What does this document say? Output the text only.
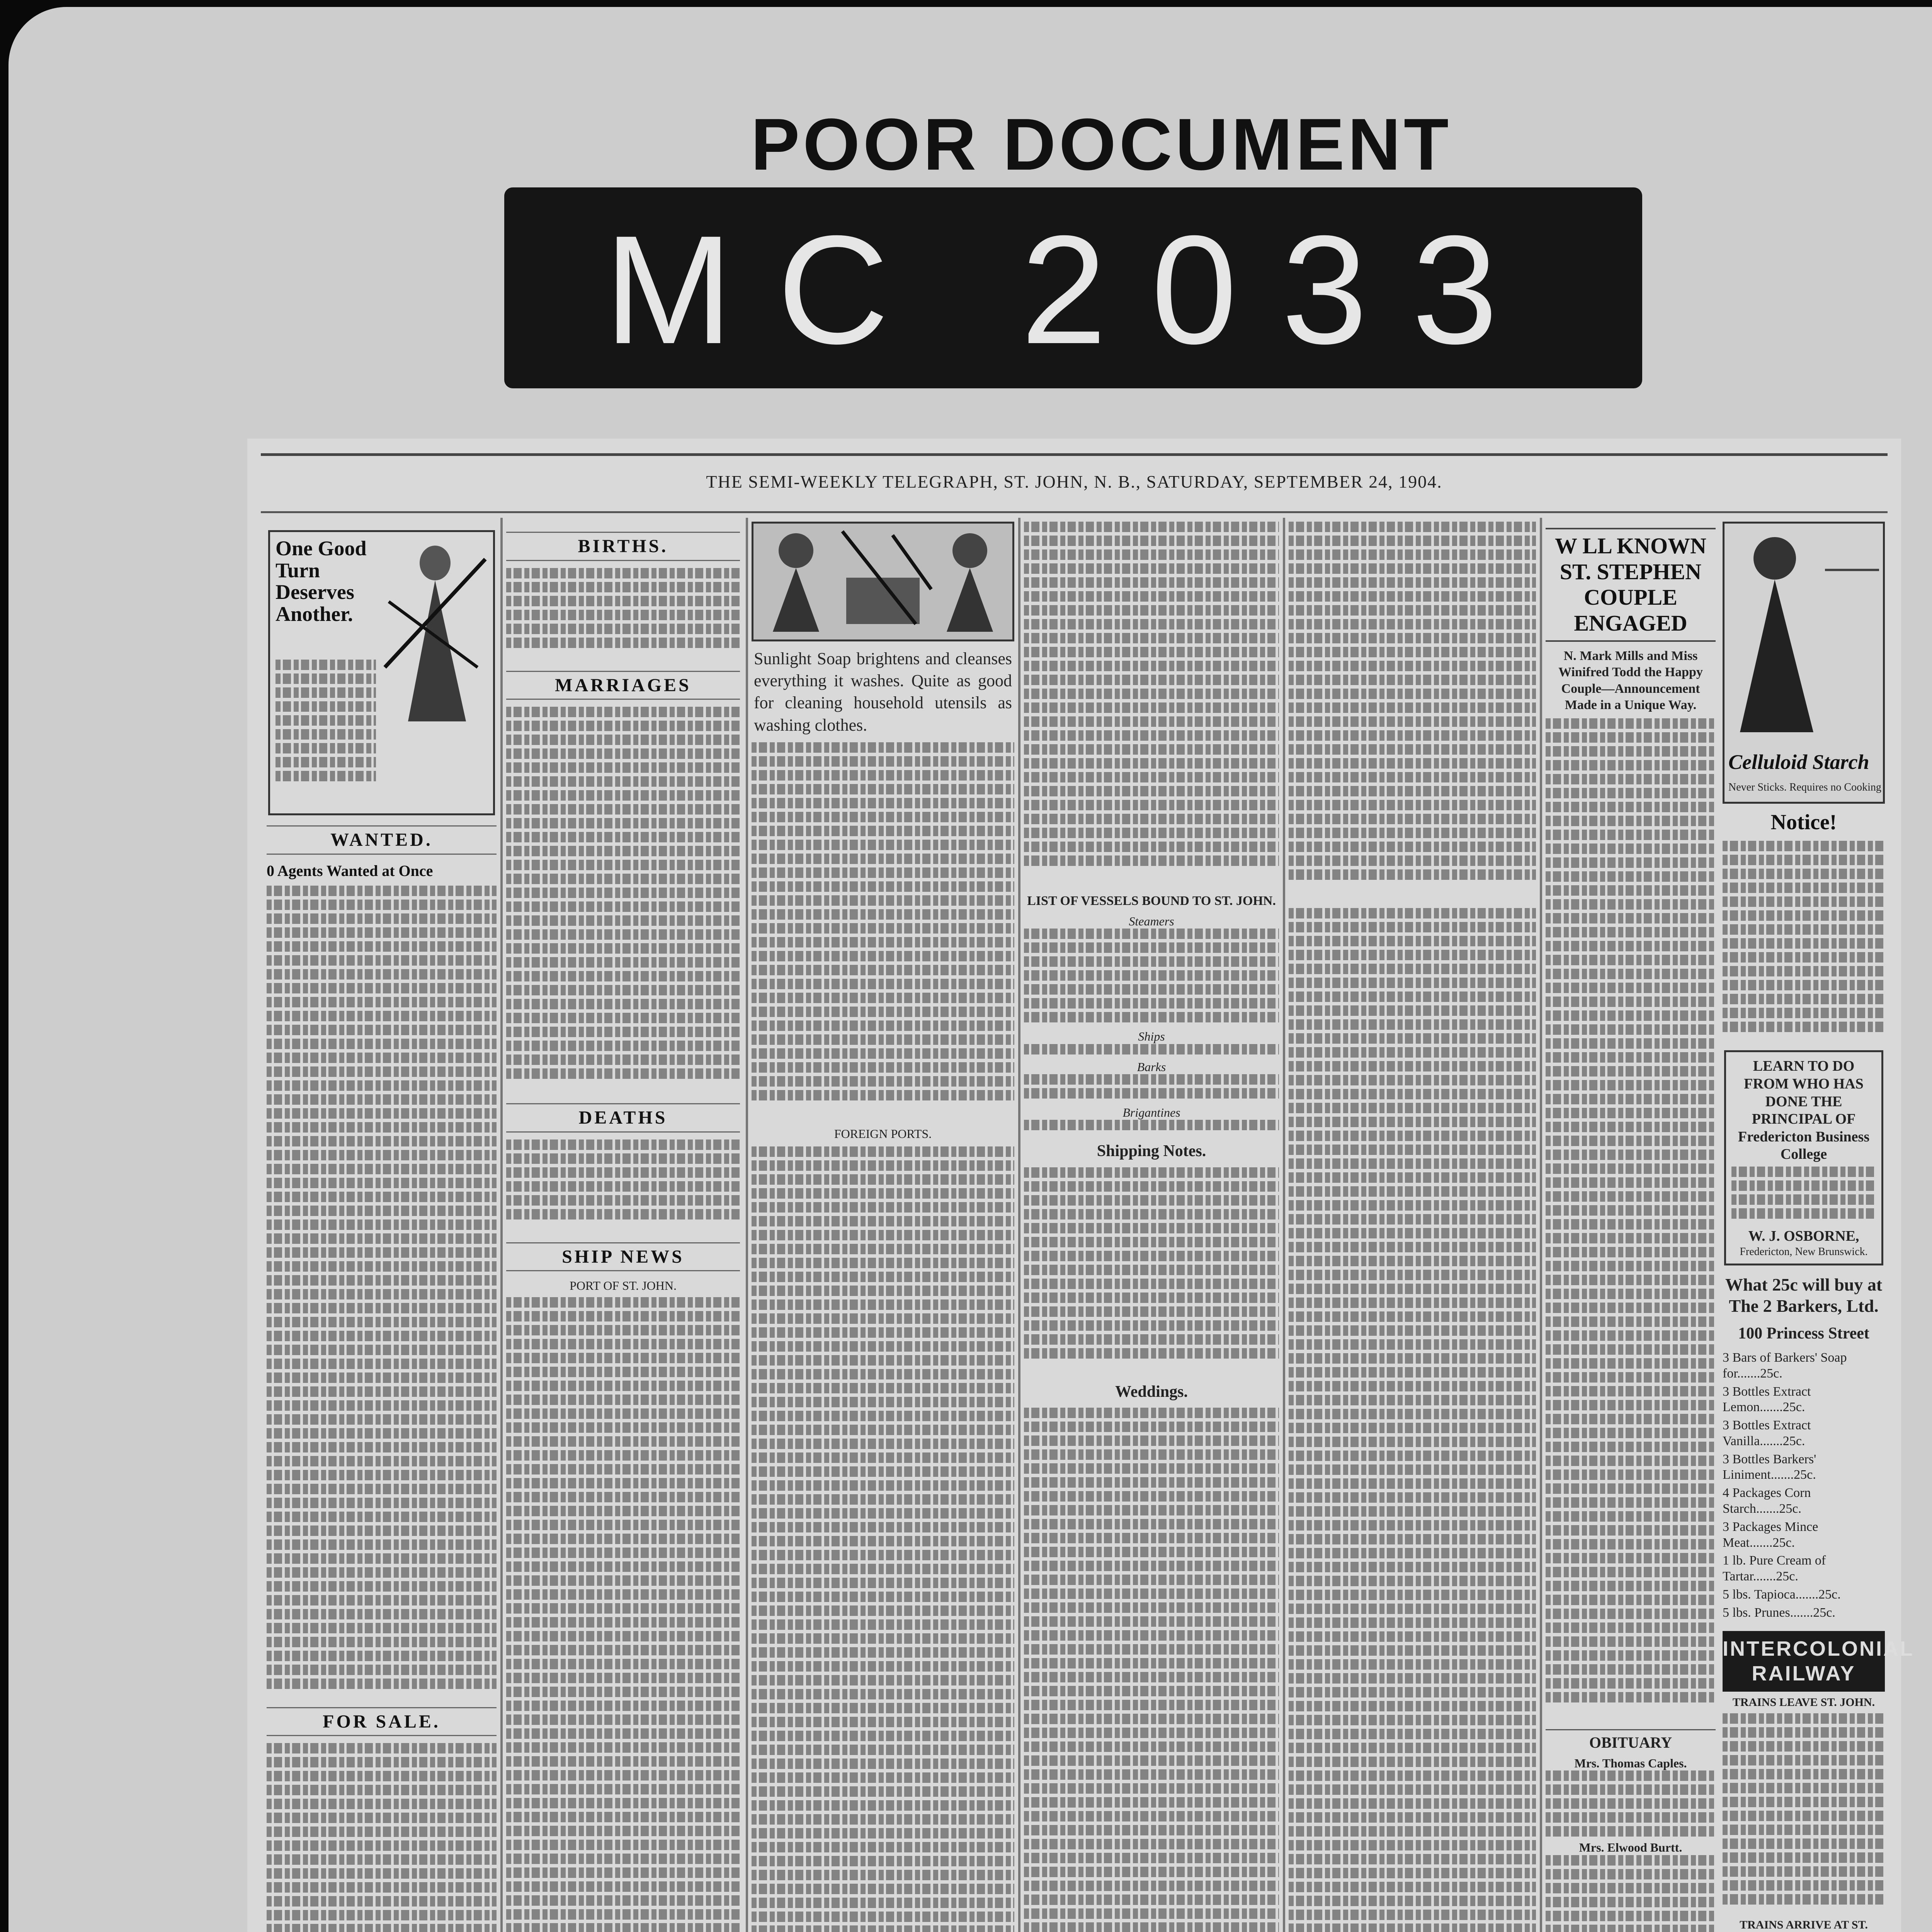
POOR DOCUMENT
MC 2033
THE SEMI-WEEKLY TELEGRAPH, ST. JOHN, N. B., SATURDAY, SEPTEMBER 24, 1904.
One Good Turn Deserves Another.
WANTED.
0 Agents Wanted at Once
FOR SALE.
BIRTHS.
MARRIAGES
DEATHS
SHIP NEWS
PORT OF ST. JOHN.
Sunlight Soap brightens and cleanses everything it washes. Quite as good for cleaning household utensils as washing clothes.
FOREIGN PORTS.
LIST OF VESSELS BOUND TO ST. JOHN.
Steamers
Ships
Barks
Brigantines
Shipping Notes.
Weddings.
W LL KNOWN ST. STEPHEN COUPLE ENGAGED
N. Mark Mills and Miss Winifred Todd the Happy Couple—Announcement Made in a Unique Way.
OBITUARY
Mrs. Thomas Caples.
Mrs. Elwood Burtt.
Celluloid Starch
Never Sticks. Requires no Cooking
Notice!
LEARN TO DO FROM WHO HAS DONE THE PRINCIPAL OF Fredericton Business College
W. J. OSBORNE,
Fredericton, New Brunswick.
What 25c will buy at The 2 Barkers, Ltd.
100 Princess Street
3 Bars of Barkers' Soap for.......25c.
3 Bottles Extract Lemon.......25c.
3 Bottles Extract Vanilla.......25c.
3 Bottles Barkers' Liniment.......25c.
4 Packages Corn Starch.......25c.
3 Packages Mince Meat.......25c.
1 lb. Pure Cream of Tartar.......25c.
5 lbs. Tapioca.......25c.
5 lbs. Prunes.......25c.
INTERCOLONIAL RAILWAY
TRAINS LEAVE ST. JOHN.
TRAINS ARRIVE AT ST.
